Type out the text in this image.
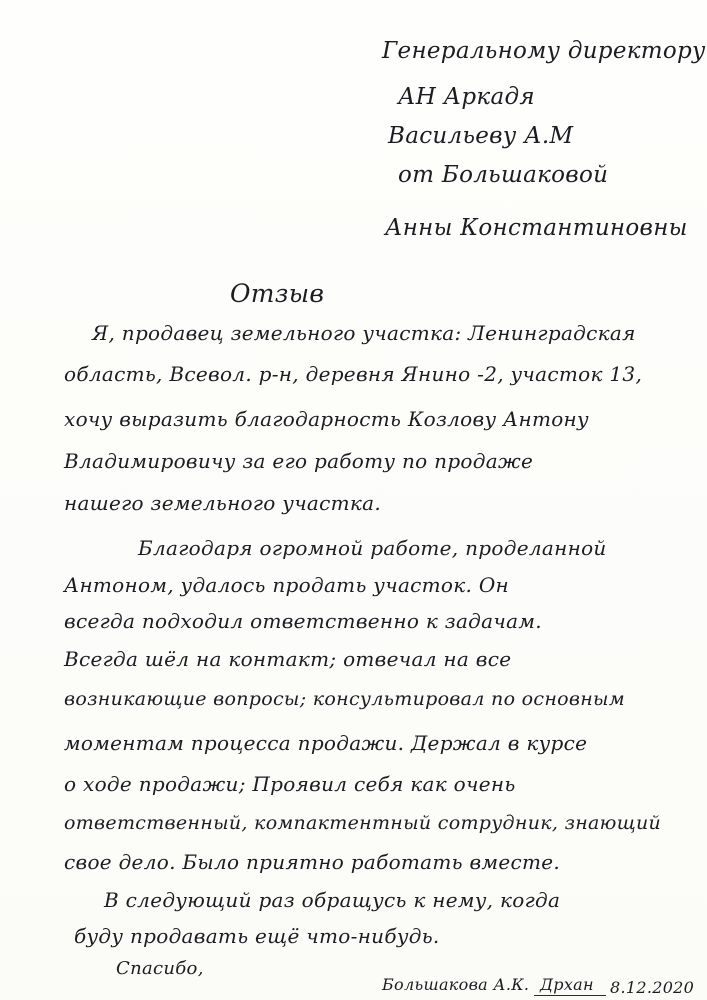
Генеральному директору
АН Аркадя
Васильеву А.М
от Большаковой
Анны Константиновны
Отзыв
Я, продавец земельного участка: Ленинградская
область, Всевол. р-н, деревня Янино -2, участок 13,
хочу выразить благодарность Козлову Антону
Владимировичу за его работу по продаже
нашего земельного участка.
Благодаря огромной работе, проделанной
Антоном, удалось продать участок. Он
всегда подходил ответственно к задачам.
Всегда шёл на контакт; отвечал на все
возникающие вопросы; консультировал по основным
моментам процесса продажи. Держал в курсе
о ходе продажи; Проявил себя как очень
ответственный, компактентный сотрудник, знающий
свое дело. Было приятно работать вместе.
В следующий раз обращусь к нему, когда
буду продавать ещё что-нибудь.
Спасибо,
Большакова А.К. Дрхан 8.12.2020
